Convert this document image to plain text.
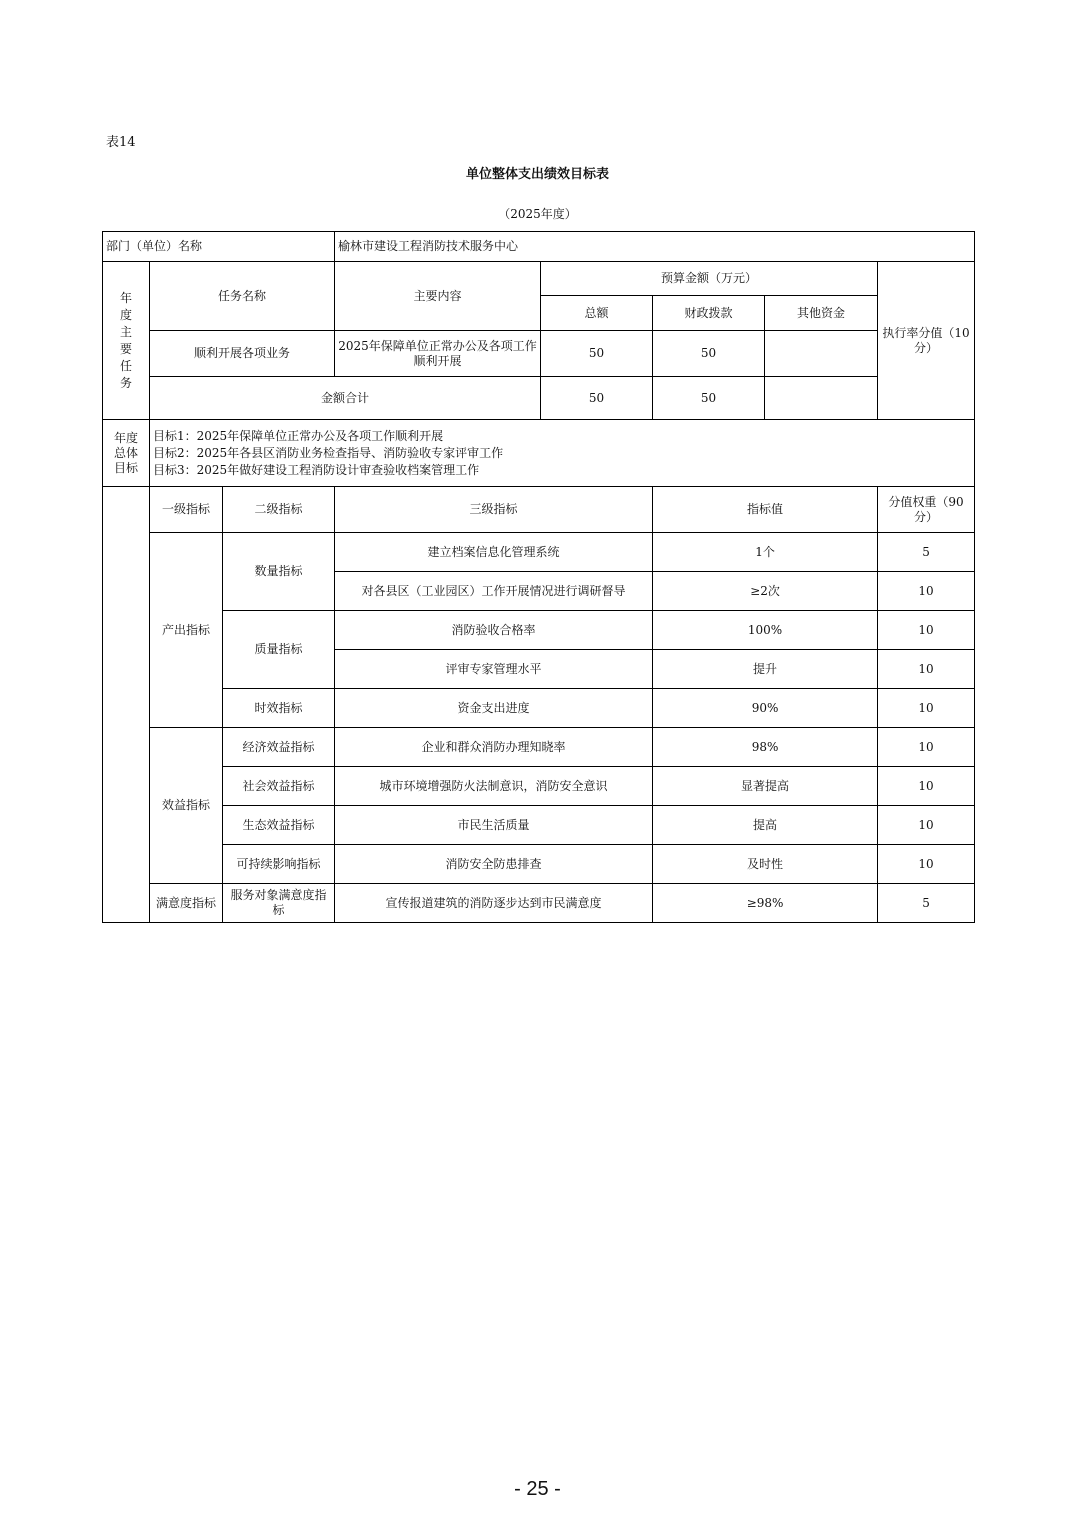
表14
单位整体支出绩效目标表
（2025年度）
部门（单位）名称			榆林市建设工程消防技术服务中心				

年度主要任务	任务名称		主要内容	预算金额（万元）			执行率分值（10分）
				总额	财政拨款	其他资金	
	顺利开展各项业务		2025年保障单位正常办公及各项工作顺利开展	50	50		
	金额合计			50	50		

年度总体目标	目标1：2025年保障单位正常办公及各项工作顺利开展
目标2：2025年各县区消防业务检查指导、消防验收专家评审工作
目标3：2025年做好建设工程消防设计审查验收档案管理工作						

	一级指标	二级指标	三级指标		指标值		分值权重（90分）
	产出指标	数量指标	建立档案信息化管理系统		1个		5
			对各县区（工业园区）工作开展情况进行调研督导		≥2次		10
		质量指标	消防验收合格率		100%		10
			评审专家管理水平		提升		10
		时效指标	资金支出进度		90%		10
	效益指标	经济效益指标	企业和群众消防办理知晓率		98%		10
		社会效益指标	城市环境增强防火法制意识，消防安全意识		显著提高		10
		生态效益指标	市民生活质量		提高		10
		可持续影响指标	消防安全防患排查		及时性		10
	满意度指标	服务对象满意度指标	宣传报道建筑的消防逐步达到市民满意度		≥98%		5
- 25 -
